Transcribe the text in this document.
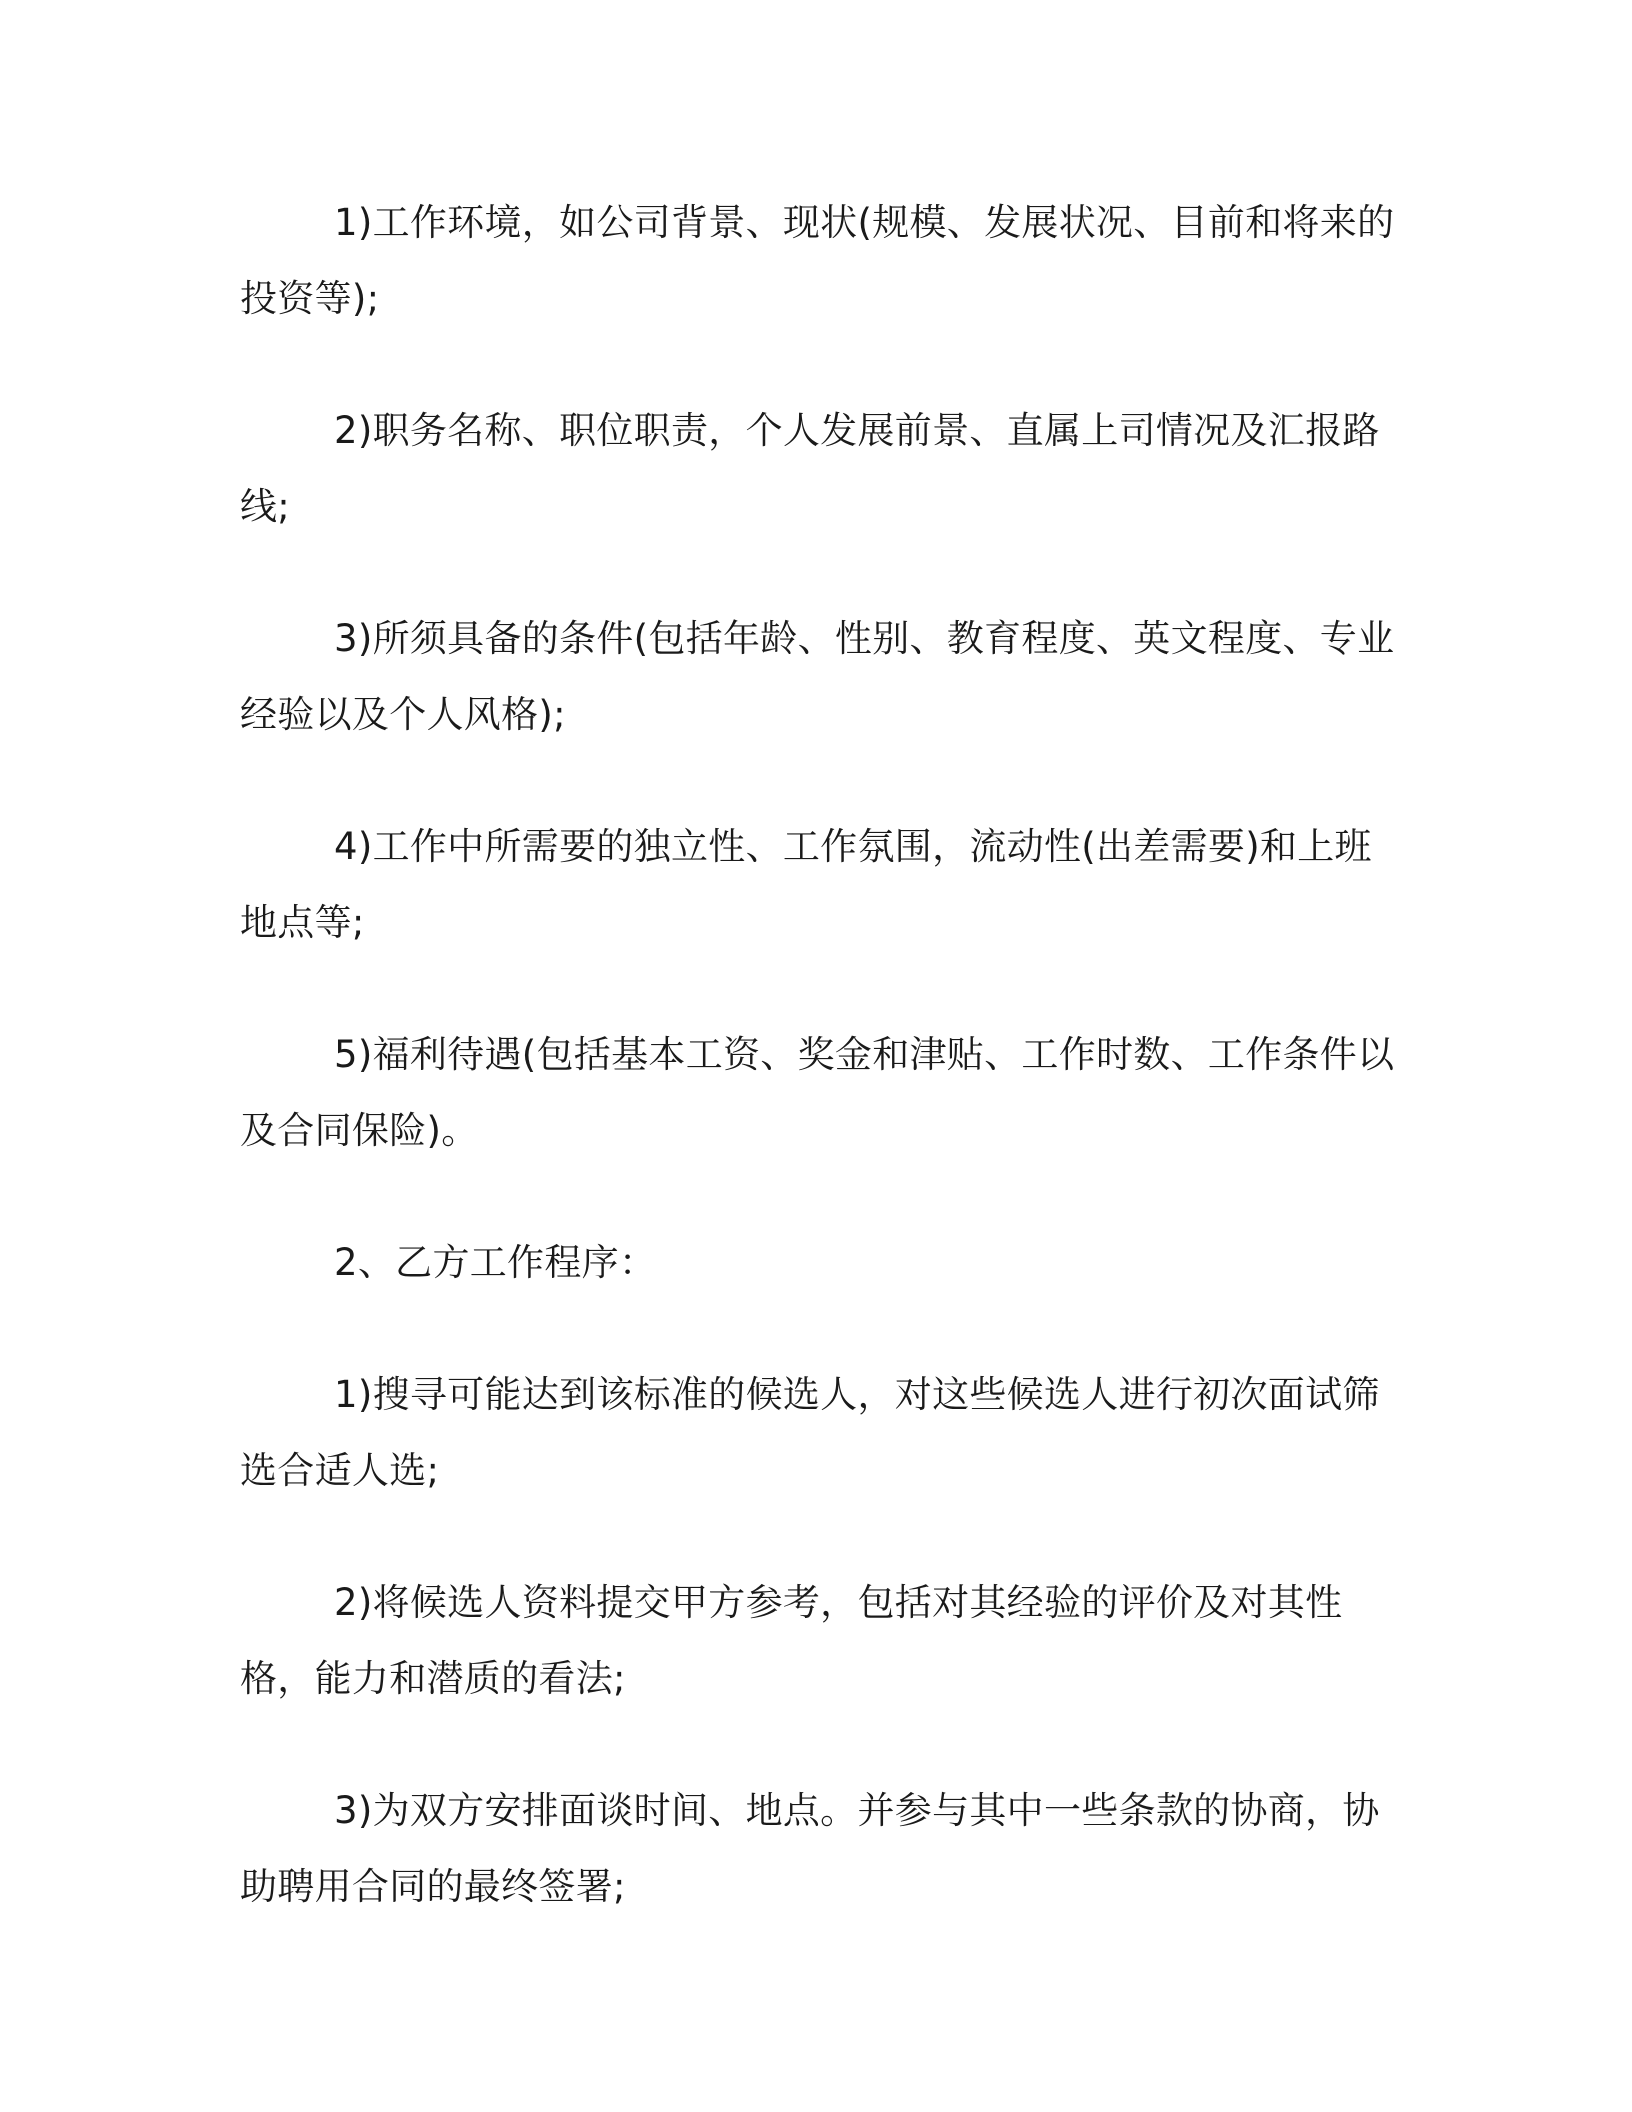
1)工作环境，如公司背景、现状(规模、发展状况、目前和将来的投资等);

2)职务名称、职位职责，个人发展前景、直属上司情况及汇报路线;

3)所须具备的条件(包括年龄、性别、教育程度、英文程度、专业经验以及个人风格);

4)工作中所需要的独立性、工作氛围，流动性(出差需要)和上班地点等;

5)福利待遇(包括基本工资、奖金和津贴、工作时数、工作条件以及合同保险)。

2、乙方工作程序：

1)搜寻可能达到该标准的候选人，对这些候选人进行初次面试筛选合适人选;

2)将候选人资料提交甲方参考，包括对其经验的评价及对其性格，能力和潜质的看法;

3)为双方安排面谈时间、地点。并参与其中一些条款的协商，协助聘用合同的最终签署;
